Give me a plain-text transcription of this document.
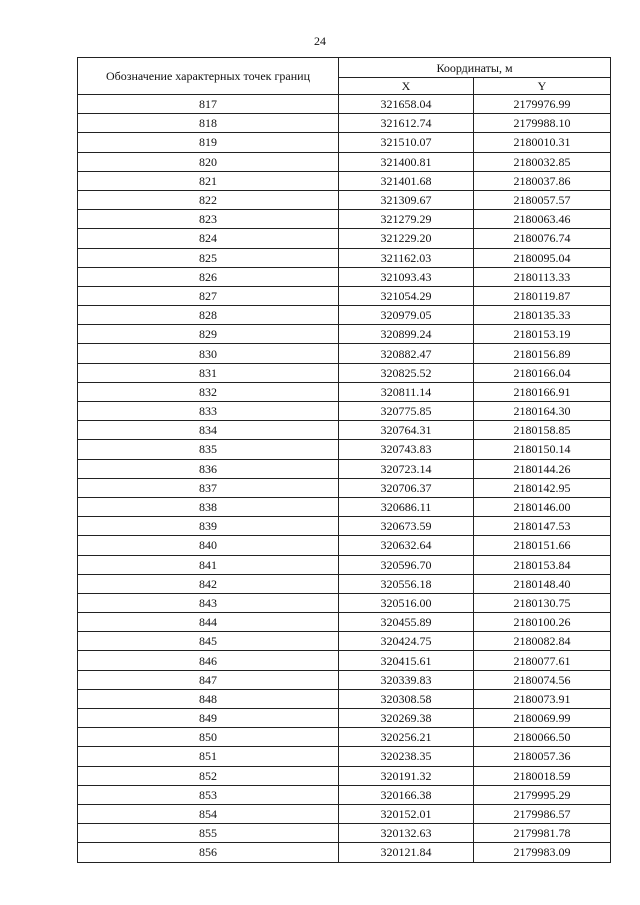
24
Обозначение характерных точек границ	Координаты, м	
	X	Y
817	321658.04	2179976.99
818	321612.74	2179988.10
819	321510.07	2180010.31
820	321400.81	2180032.85
821	321401.68	2180037.86
822	321309.67	2180057.57
823	321279.29	2180063.46
824	321229.20	2180076.74
825	321162.03	2180095.04
826	321093.43	2180113.33
827	321054.29	2180119.87
828	320979.05	2180135.33
829	320899.24	2180153.19
830	320882.47	2180156.89
831	320825.52	2180166.04
832	320811.14	2180166.91
833	320775.85	2180164.30
834	320764.31	2180158.85
835	320743.83	2180150.14
836	320723.14	2180144.26
837	320706.37	2180142.95
838	320686.11	2180146.00
839	320673.59	2180147.53
840	320632.64	2180151.66
841	320596.70	2180153.84
842	320556.18	2180148.40
843	320516.00	2180130.75
844	320455.89	2180100.26
845	320424.75	2180082.84
846	320415.61	2180077.61
847	320339.83	2180074.56
848	320308.58	2180073.91
849	320269.38	2180069.99
850	320256.21	2180066.50
851	320238.35	2180057.36
852	320191.32	2180018.59
853	320166.38	2179995.29
854	320152.01	2179986.57
855	320132.63	2179981.78
856	320121.84	2179983.09
